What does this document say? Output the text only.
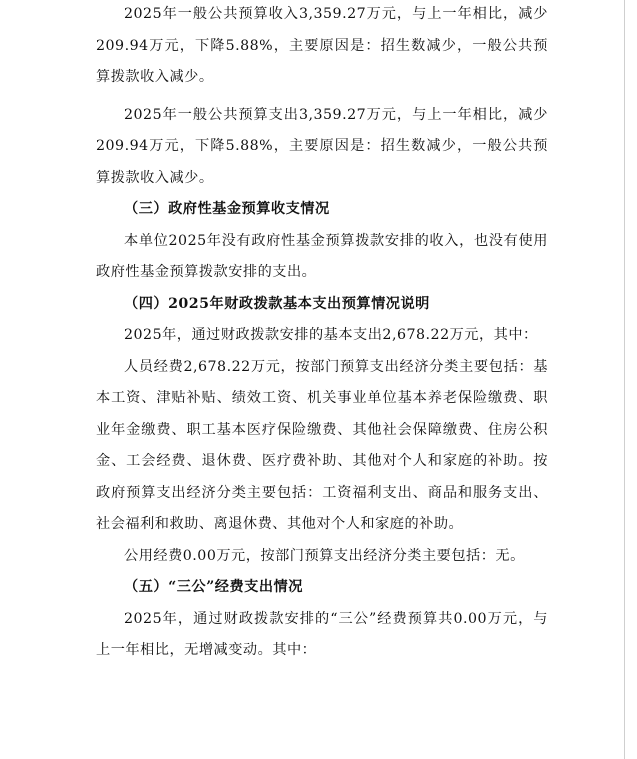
2025年一般公共预算收入3,359.27万元，与上一年相比，减少209.94万元，下降5.88%，主要原因是：招生数减少，一般公共预算拨款收入减少。

2025年一般公共预算支出3,359.27万元，与上一年相比，减少209.94万元，下降5.88%，主要原因是：招生数减少，一般公共预算拨款收入减少。

（三）政府性基金预算收支情况

本单位2025年没有政府性基金预算拨款安排的收入，也没有使用政府性基金预算拨款安排的支出。

（四）2025年财政拨款基本支出预算情况说明

2025年，通过财政拨款安排的基本支出2,678.22万元，其中：

人员经费2,678.22万元，按部门预算支出经济分类主要包括：基本工资、津贴补贴、绩效工资、机关事业单位基本养老保险缴费、职业年金缴费、职工基本医疗保险缴费、其他社会保障缴费、住房公积金、工会经费、退休费、医疗费补助、其他对个人和家庭的补助。按政府预算支出经济分类主要包括：工资福利支出、商品和服务支出、社会福利和救助、离退休费、其他对个人和家庭的补助。

公用经费0.00万元，按部门预算支出经济分类主要包括：无。

（五）“三公”经费支出情况

2025年，通过财政拨款安排的“三公”经费预算共0.00万元，与上一年相比，无增减变动。其中：
